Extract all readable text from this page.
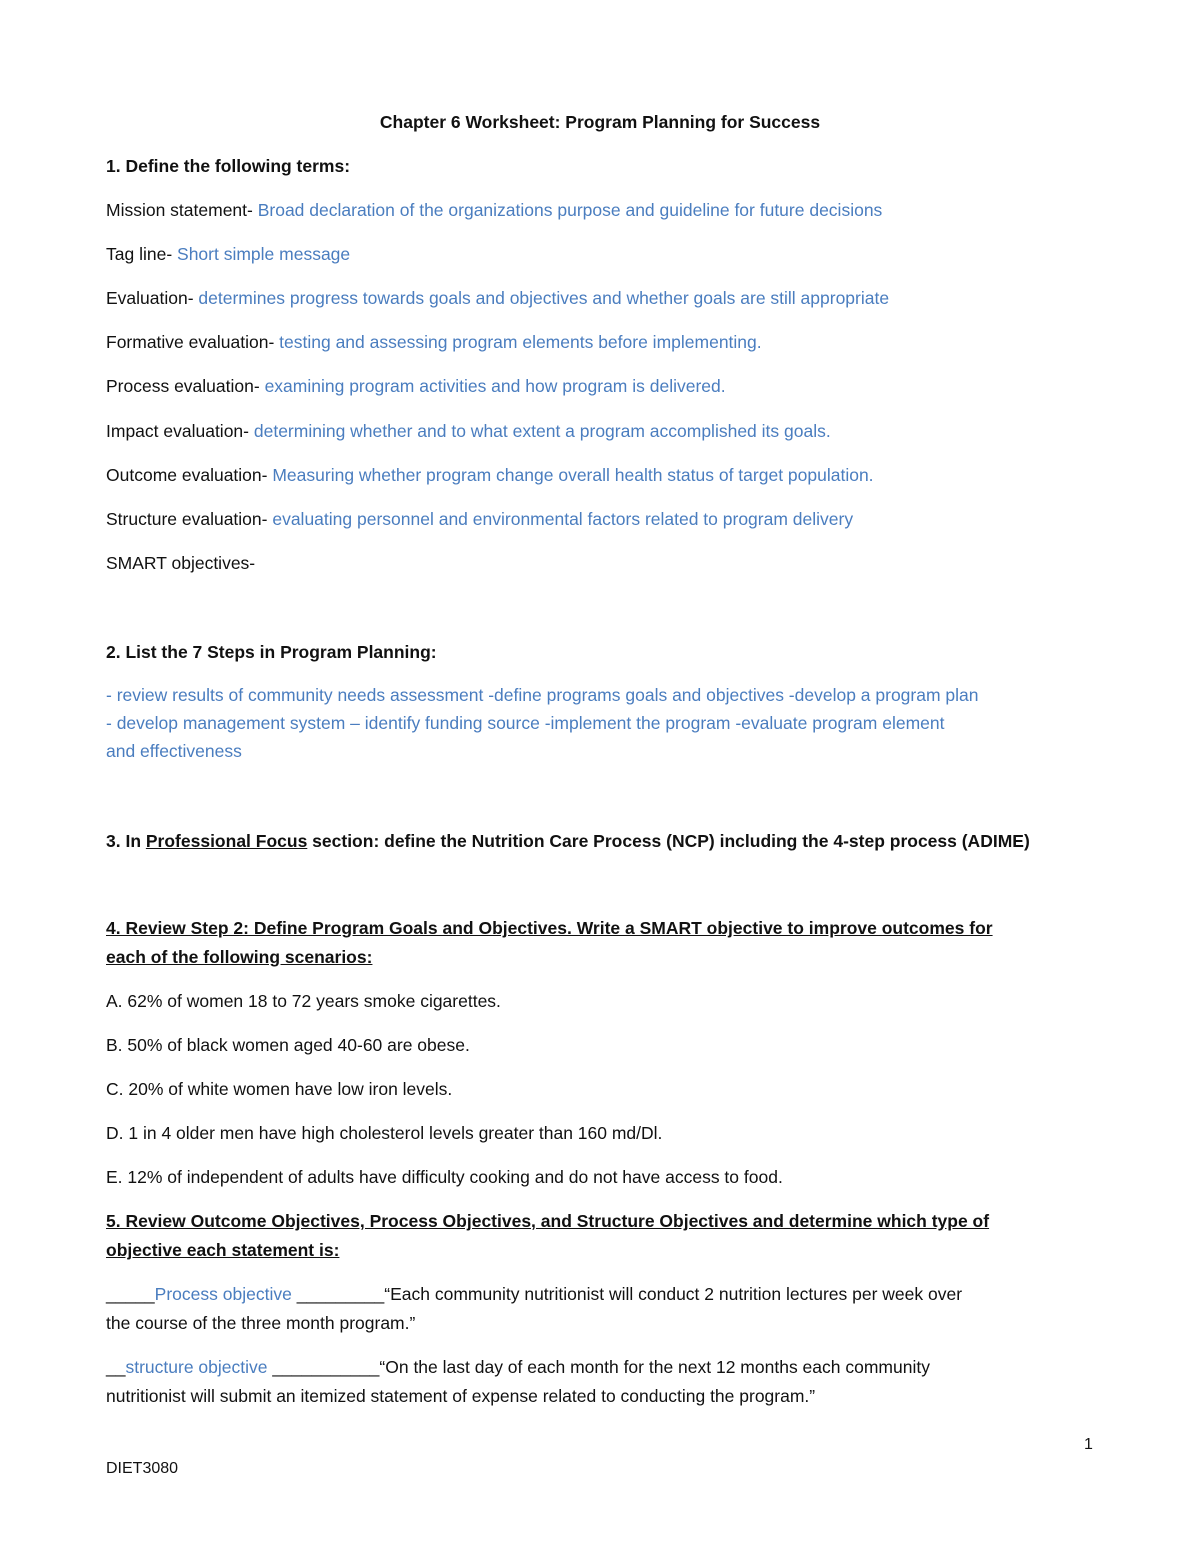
Chapter 6 Worksheet: Program Planning for Success
1. Define the following terms:
Mission statement- Broad declaration of the organizations purpose and guideline for future decisions
Tag line- Short simple message
Evaluation- determines progress towards goals and objectives and whether goals are still appropriate
Formative evaluation- testing and assessing program elements before implementing.
Process evaluation- examining program activities and how program is delivered.
Impact evaluation- determining whether and to what extent a program accomplished its goals.
Outcome evaluation- Measuring whether program change overall health status of target population.
Structure evaluation- evaluating personnel and environmental factors related to program delivery
SMART objectives-
2. List the 7 Steps in Program Planning:
- review results of community needs assessment -define programs goals and objectives -develop a program plan
- develop management system – identify funding source -implement the program -evaluate program element
and effectiveness
3. In Professional Focus section: define the Nutrition Care Process (NCP) including the 4-step process (ADIME)
4. Review Step 2: Define Program Goals and Objectives. Write a SMART objective to improve outcomes for
each of the following scenarios:
A. 62% of women 18 to 72 years smoke cigarettes.
B. 50% of black women aged 40-60 are obese.
C. 20% of white women have low iron levels.
D. 1 in 4 older men have high cholesterol levels greater than 160 md/Dl.
E. 12% of independent of adults have difficulty cooking and do not have access to food.
5. Review Outcome Objectives, Process Objectives, and Structure Objectives and determine which type of
objective each statement is:
_____Process objective _________“Each community nutritionist will conduct 2 nutrition lectures per week over
the course of the three month program.”
__structure objective ___________“On the last day of each month for the next 12 months each community
nutritionist will submit an itemized statement of expense related to conducting the program.”
1
DIET3080
